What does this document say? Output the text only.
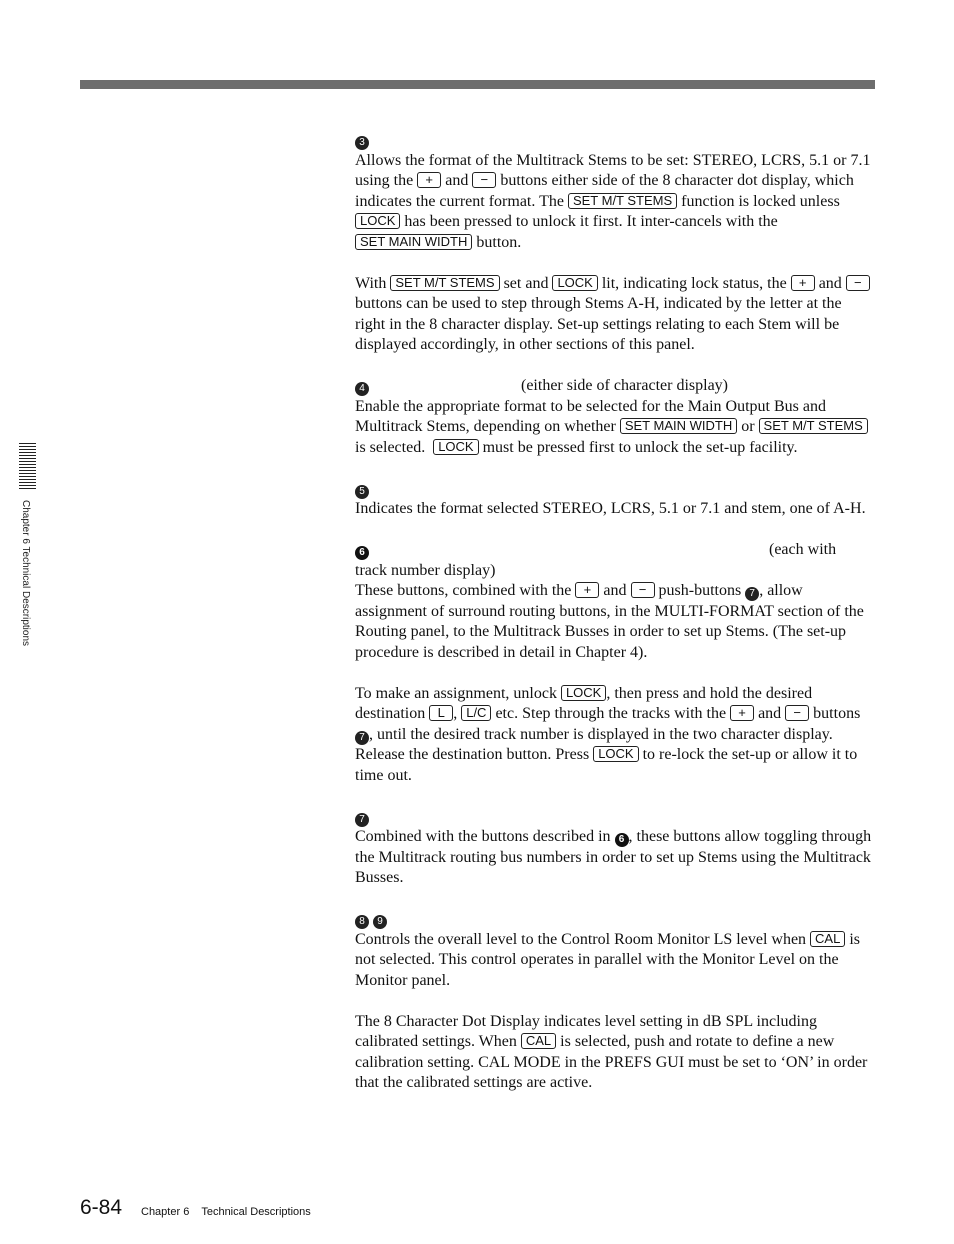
Chapter 6 Technical Descriptions

3

Allows the format of the Multitrack Stems to be set: STEREO, LCRS, 5.1 or 7.1 using the + and − buttons either side of the 8 character dot display, which indicates the current format. The SET M/T STEMS function is locked unless LOCK has been pressed to unlock it first. It inter-cancels with the SET MAIN WIDTH button.

With SET M/T STEMS set and LOCK lit, indicating lock status, the + and − buttons can be used to step through Stems A-H, indicated by the letter at the right in the 8 character display. Set-up settings relating to each Stem will be displayed accordingly, in other sections of this panel.

4	(either side of character display)

Enable the appropriate format to be selected for the Main Output Bus and Multitrack Stems, depending on whether SET MAIN WIDTH or SET M/T STEMS is selected. LOCK must be pressed first to unlock the set-up facility.

5

Indicates the format selected STEREO, LCRS, 5.1 or 7.1 and stem, one of A-H.

6	(each with

track number display)

These buttons, combined with the + and − push-buttons 7 , allow assignment of surround routing buttons, in the MULTI-FORMAT section of the Routing panel, to the Multitrack Busses in order to set up Stems. (The set-up procedure is described in detail in Chapter 4).

To make an assignment, unlock LOCK , then press and hold the desired destination L , L/C etc. Step through the tracks with the + and − buttons 7 , until the desired track number is displayed in the two character display. Release the destination button. Press LOCK to re-lock the set-up or allow it to time out.

7

Combined with the buttons described in 6 , these buttons allow toggling through the Multitrack routing bus numbers in order to set up Stems using the Multitrack Busses.

8 9

Controls the overall level to the Control Room Monitor LS level when CAL is not selected. This control operates in parallel with the Monitor Level on the Monitor panel.

The 8 Character Dot Display indicates level setting in dB SPL including calibrated settings. When CAL is selected, push and rotate to define a new calibration setting. CAL MODE in the PREFS GUI must be set to ‘ON’ in order that the calibrated settings are active.

6-84 Chapter 6    Technical Descriptions
